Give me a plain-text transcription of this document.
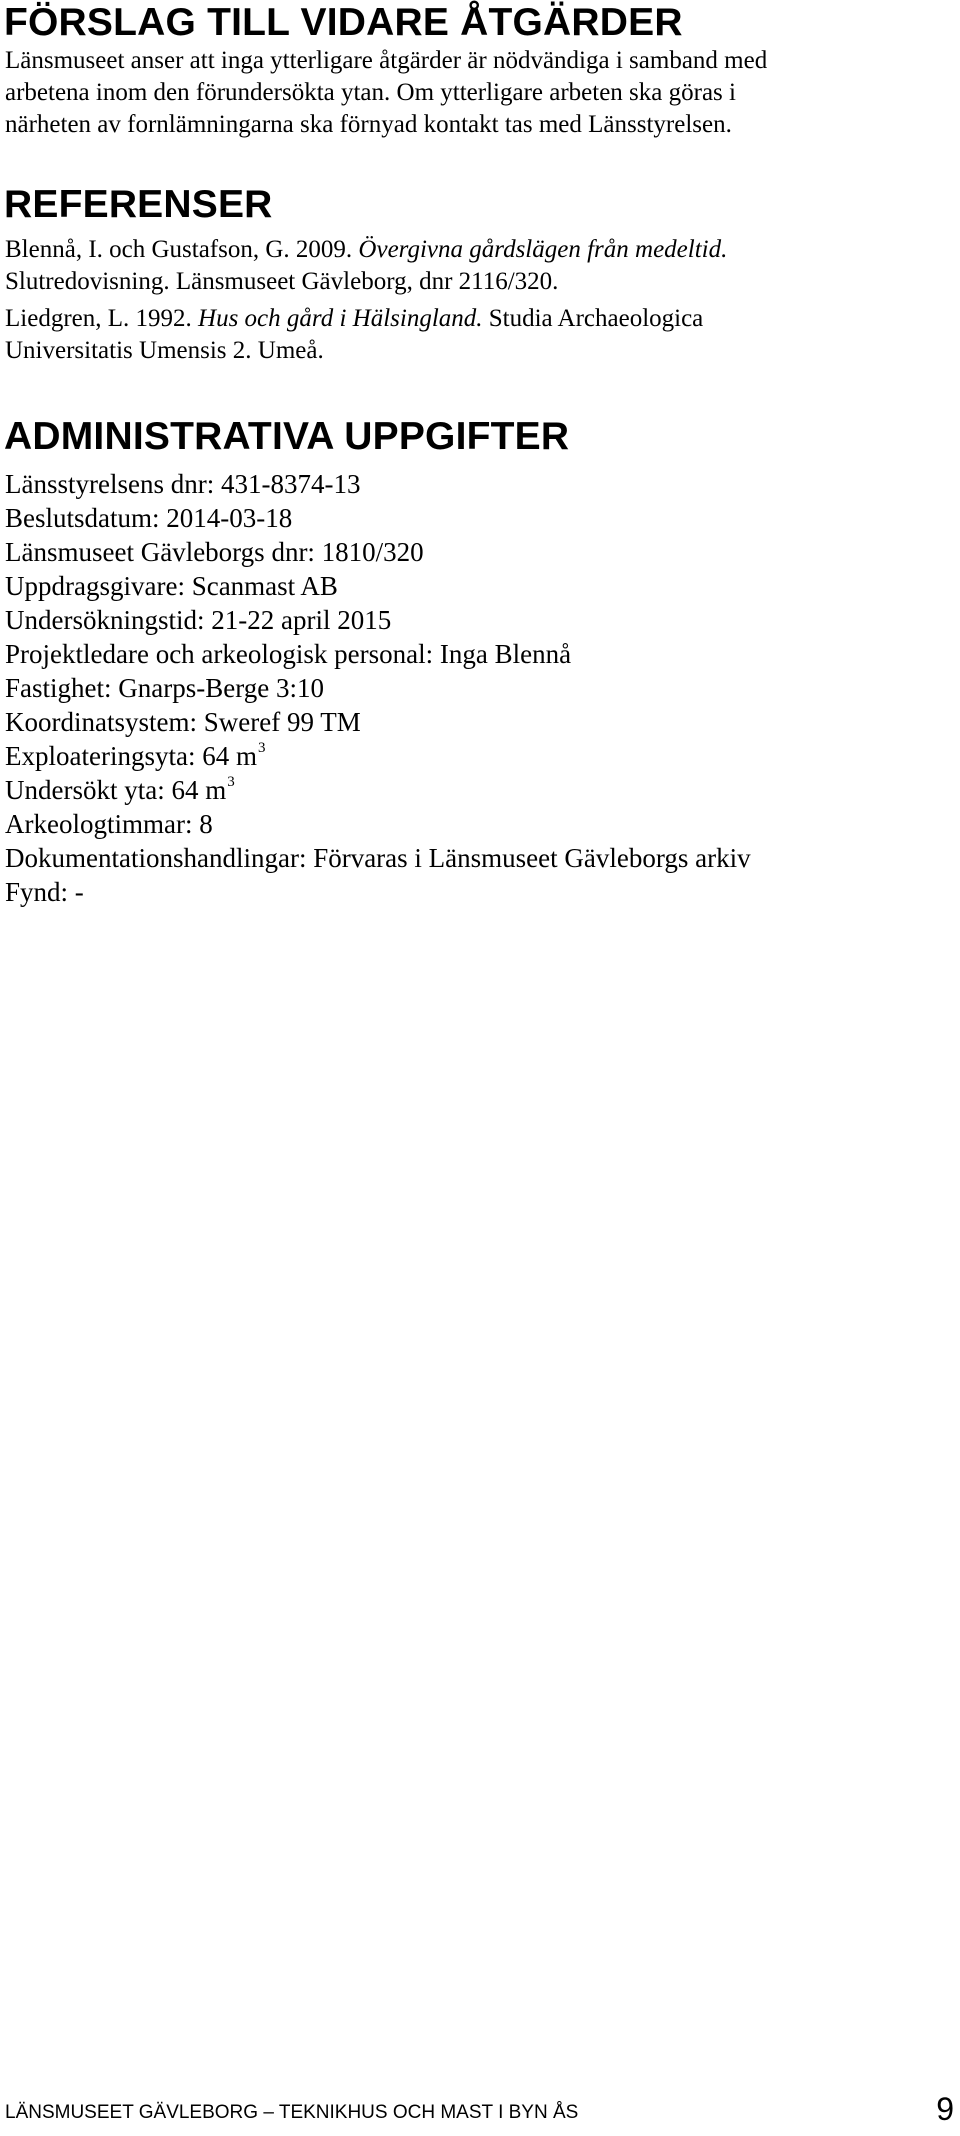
FÖRSLAG TILL VIDARE ÅTGÄRDER

Länsmuseet anser att inga ytterligare åtgärder är nödvändiga i samband med

arbetena inom den förundersökta ytan. Om ytterligare arbeten ska göras i

närheten av fornlämningarna ska förnyad kontakt tas med Länsstyrelsen.

REFERENSER

Blennå, I. och Gustafson, G. 2009. Övergivna gårdslägen från medeltid.

Slutredovisning. Länsmuseet Gävleborg, dnr 2116/320.

Liedgren, L. 1992. Hus och gård i Hälsingland. Studia Archaeologica

Universitatis Umensis 2. Umeå.

ADMINISTRATIVA UPPGIFTER
Länsstyrelsens dnr: 431-8374-13
Beslutsdatum: 2014-03-18
Länsmuseet Gävleborgs dnr: 1810/320
Uppdragsgivare: Scanmast AB
Undersökningstid: 21-22 april 2015
Projektledare och arkeologisk personal: Inga Blennå
Fastighet: Gnarps-Berge 3:10
Koordinatsystem: Sweref 99 TM
Exploateringsyta: 64 $m^3$
Undersökt yta: 64 $m^3$
Arkeologtimmar: 8
Dokumentationshandlingar: Förvaras i Länsmuseet Gävleborgs arkiv
Fynd: -

LÄNSMUSEET GÄVLEBORG – TEKNIKHUS OCH MAST I BYN ÅS	9
